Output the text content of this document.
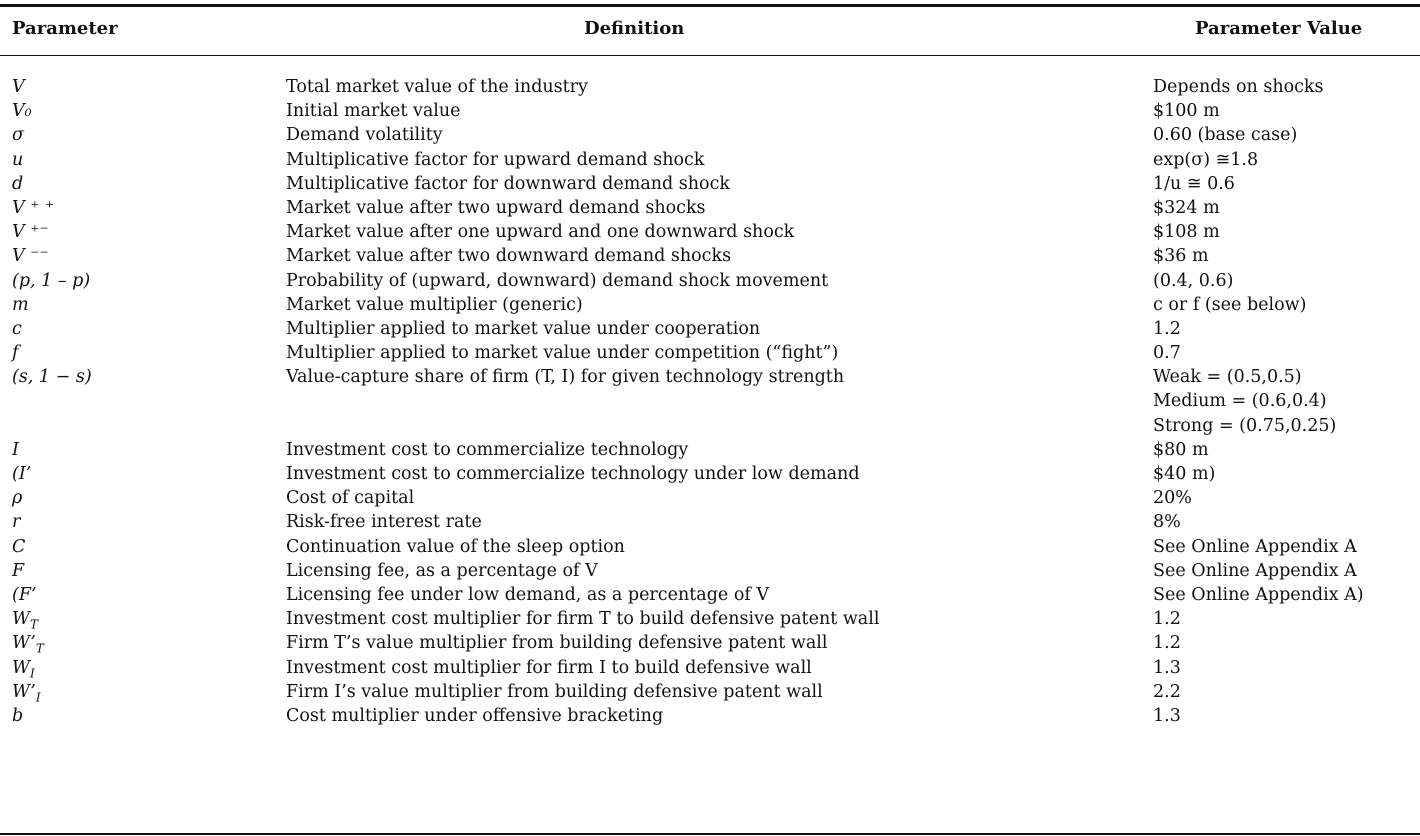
Parameter	Definition	Parameter Value
V	Total market value of the industry	Depends on shocks
V₀	Initial market value	$100 m
σ	Demand volatility	0.60 (base case)
u	Multiplicative factor for upward demand shock	exp(σ) ≅1.8
d	Multiplicative factor for downward demand shock	1/u ≅ 0.6
V ⁺ ⁺	Market value after two upward demand shocks	$324 m
V ⁺⁻	Market value after one upward and one downward shock	$108 m
V ⁻⁻	Market value after two downward demand shocks	$36 m
(p, 1 – p)	Probability of (upward, downward) demand shock movement	(0.4, 0.6)
m	Market value multiplier (generic)	c or f (see below)
c	Multiplier applied to market value under cooperation	1.2
f	Multiplier applied to market value under competition (“fight”)	0.7
(s, 1 − s)	Value-capture share of firm (T, I) for given technology strength	Weak = (0.5,0.5)
Medium = (0.6,0.4)
Strong = (0.75,0.25)
I	Investment cost to commercialize technology	$80 m
(I’	Investment cost to commercialize technology under low demand	$40 m)
ρ	Cost of capital	20%
r	Risk-free interest rate	8%
C	Continuation value of the sleep option	See Online Appendix A
F	Licensing fee, as a percentage of V	See Online Appendix A
(F’	Licensing fee under low demand, as a percentage of V	See Online Appendix A)
$W_T$	Investment cost multiplier for firm T to build defensive patent wall	1.2
$W’_T$	Firm T’s value multiplier from building defensive patent wall	1.2
$W_I$	Investment cost multiplier for firm I to build defensive wall	1.3
$W’_I$	Firm I’s value multiplier from building defensive patent wall	2.2
b	Cost multiplier under offensive bracketing	1.3
